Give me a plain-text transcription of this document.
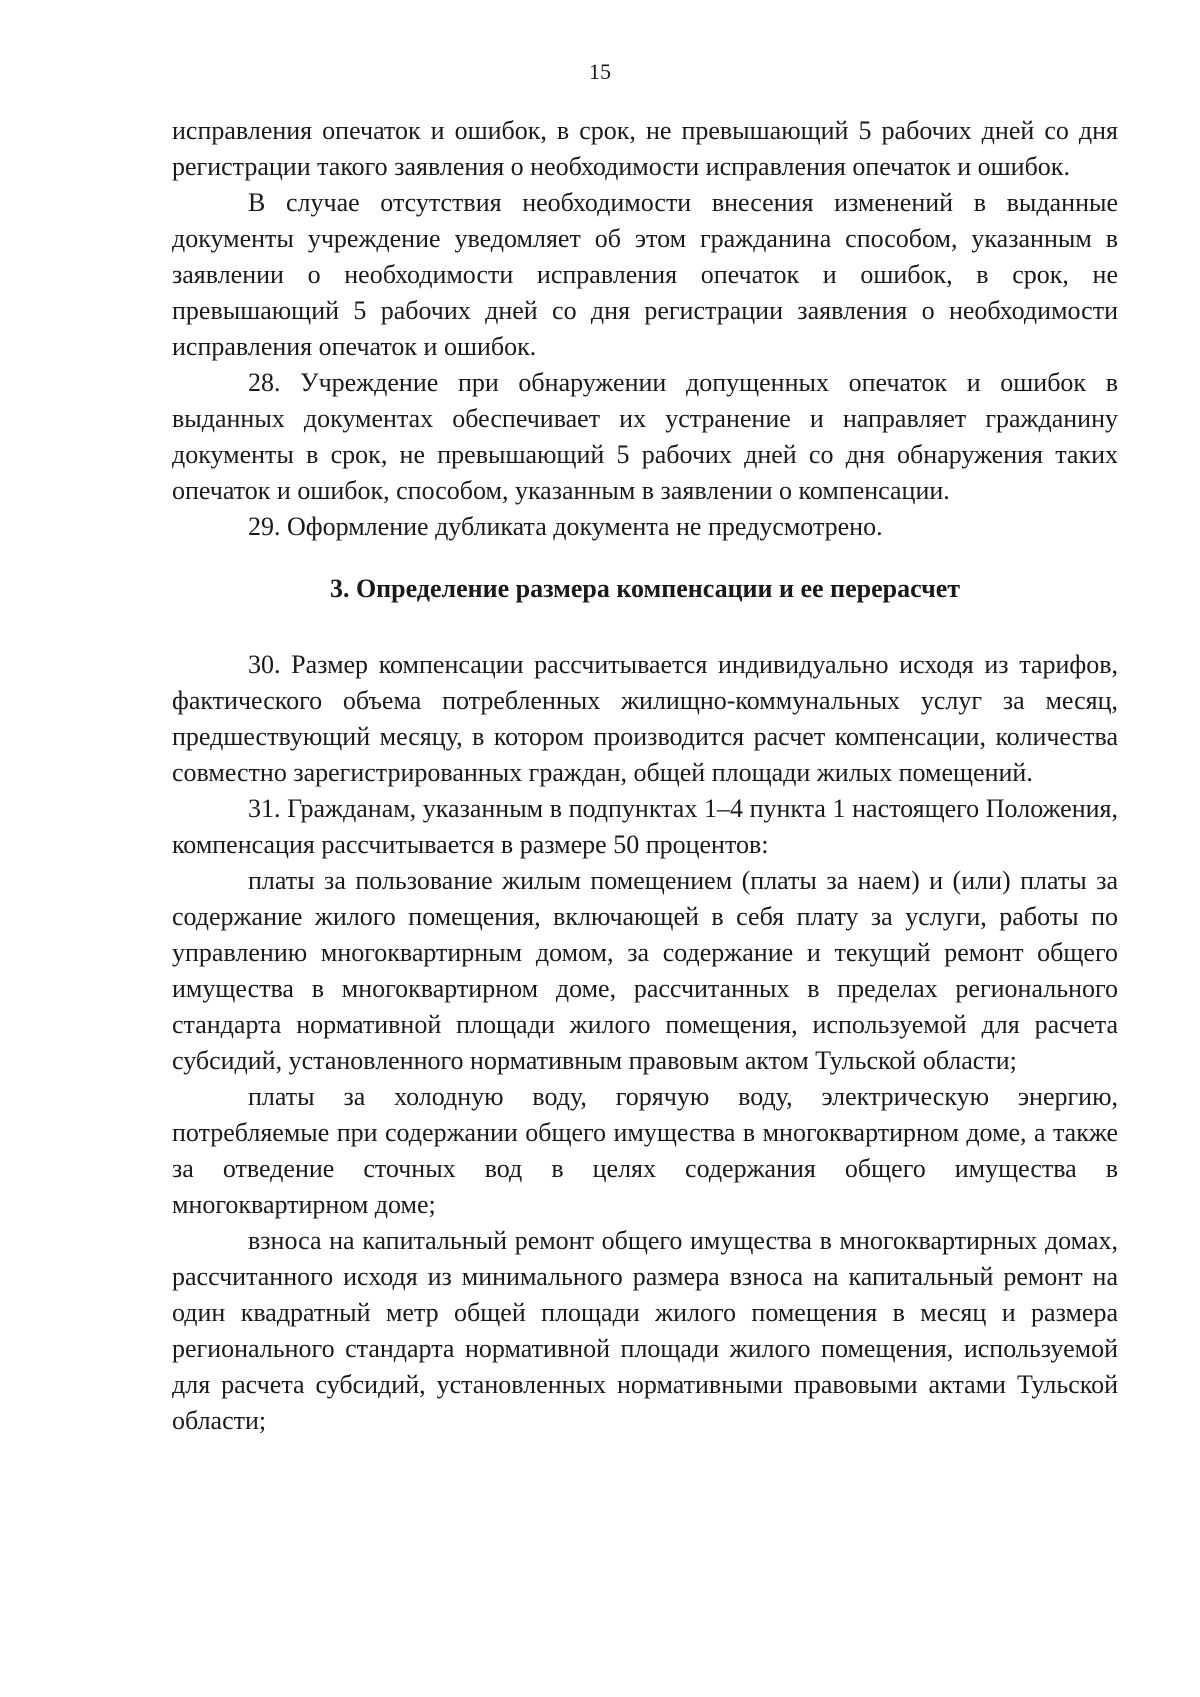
15

исправления опечаток и ошибок, в срок, не превышающий 5 рабочих дней со дня регистрации такого заявления о необходимости исправления опечаток и ошибок.

В случае отсутствия необходимости внесения изменений в выданные документы учреждение уведомляет об этом гражданина способом, указанным в заявлении о необходимости исправления опечаток и ошибок, в срок, не превышающий 5 рабочих дней со дня регистрации заявления о необходимости исправления опечаток и ошибок.

28. Учреждение при обнаружении допущенных опечаток и ошибок в выданных документах обеспечивает их устранение и направляет гражданину документы в срок, не превышающий 5 рабочих дней со дня обнаружения таких опечаток и ошибок, способом, указанным в заявлении о компенсации.

29. Оформление дубликата документа не предусмотрено.

3. Определение размера компенсации и ее перерасчет

30. Размер компенсации рассчитывается индивидуально исходя из тарифов, фактического объема потребленных жилищно-коммунальных услуг за месяц, предшествующий месяцу, в котором производится расчет компенсации, количества совместно зарегистрированных граждан, общей площади жилых помещений.

31. Гражданам, указанным в подпунктах 1–4 пункта 1 настоящего Положения, компенсация рассчитывается в размере 50 процентов:

платы за пользование жилым помещением (платы за наем) и (или) платы за содержание жилого помещения, включающей в себя плату за услуги, работы по управлению многоквартирным домом, за содержание и текущий ремонт общего имущества в многоквартирном доме, рассчитанных в пределах регионального стандарта нормативной площади жилого помещения, используемой для расчета субсидий, установленного нормативным правовым актом Тульской области;

платы за холодную воду, горячую воду, электрическую энергию, потребляемые при содержании общего имущества в многоквартирном доме, а также за отведение сточных вод в целях содержания общего имущества в многоквартирном доме;

взноса на капитальный ремонт общего имущества в многоквартирных домах, рассчитанного исходя из минимального размера взноса на капитальный ремонт на один квадратный метр общей площади жилого помещения в месяц и размера регионального стандарта нормативной площади жилого помещения, используемой для расчета субсидий, установленных нормативными правовыми актами Тульской области;
